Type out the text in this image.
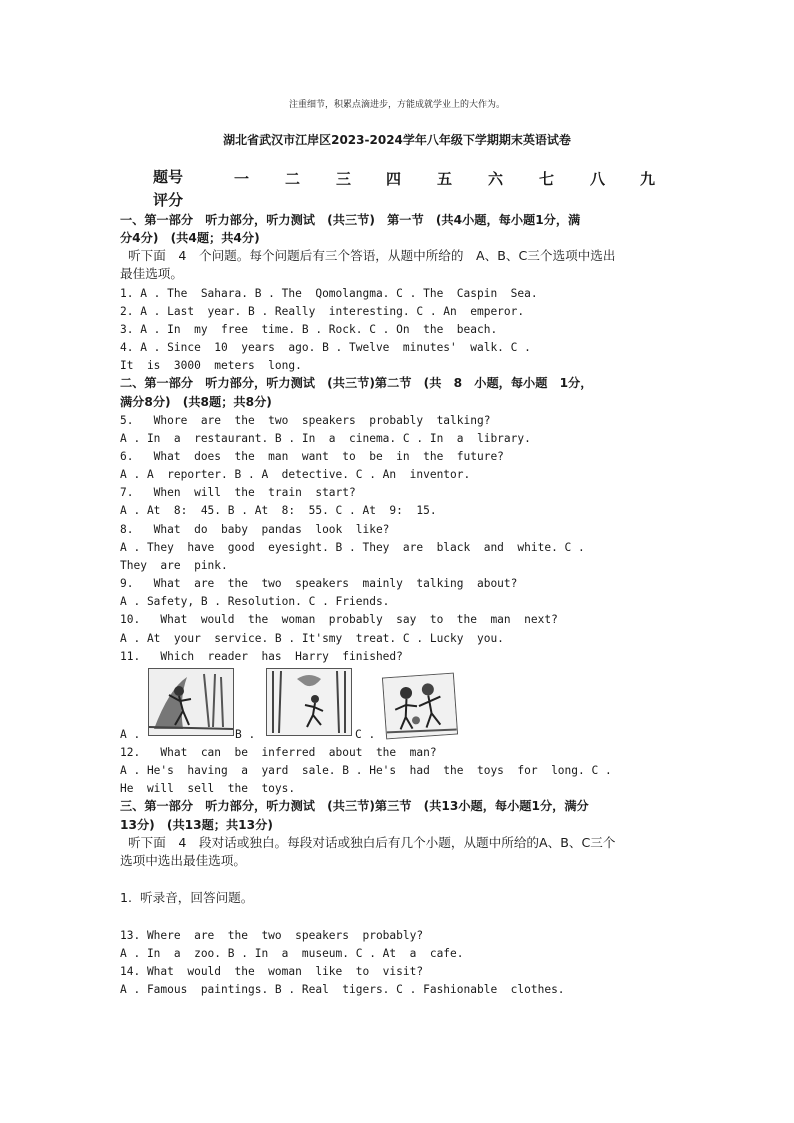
注重细节，积累点滴进步，方能成就学业上的大作为。
湖北省武汉市江岸区2023-2024学年八年级下学期期末英语试卷
题号
评分
一 二 三 四 五 六 七 八 九
一、第一部分　听力部分，听力测试　(共三节)　第一节　(共4小题，每小题1分，满
分4分)　(共4题；共4分)
听下面　4　个问题。每个问题后有三个答语，从题中所给的　A、B、C三个选项中选出
最佳选项。
1. A . The  Sahara. B . The  Qomolangma. C . The  Caspin  Sea.
2. A . Last  year. B . Really  interesting. C . An  emperor.
3. A . In  my  free  time. B . Rock. C . On  the  beach.
4. A . Since  10  years  ago. B . Twelve  minutes'  walk. C .
It  is  3000  meters  long.
二、第一部分　听力部分，听力测试　(共三节)第二节　(共　8　小题，每小题　1分，
满分8分)　(共8题；共8分)
5.   Whore  are  the  two  speakers  probably  talking?
A . In  a  restaurant. B . In  a  cinema. C . In  a  library.
6.   What  does  the  man  want  to  be  in  the  future?
A . A  reporter. B . A  detective. C . An  inventor.
7.   When  will  the  train  start?
A . At  8:  45. B . At  8:  55. C . At  9:  15.
8.   What  do  baby  pandas  look  like?
A . They  have  good  eyesight. B . They  are  black  and  white. C .
They  are  pink.
9.   What  are  the  two  speakers  mainly  talking  about?
A . Safety, B . Resolution. C . Friends.
10.   What  would  the  woman  probably  say  to  the  man  next?
A . At  your  service. B . It'smy  treat. C . Lucky  you.
11.   Which  reader  has  Harry  finished?
A .	B .	C .
12.   What  can  be  inferred  about  the  man?
A . He's  having  a  yard  sale. B . He's  had  the  toys  for  long. C .
He  will  sell  the  toys.
三、第一部分　听力部分，听力测试　(共三节)第三节　(共13小题，每小题1分，满分
13分)　(共13题；共13分)
听下面　4　段对话或独白。每段对话或独白后有几个小题，从题中所给的A、B、C三个
选项中选出最佳选项。
1.  听录音，回答问题。
13. Where  are  the  two  speakers  probably?
A . In  a  zoo. B . In  a  museum. C . At  a  cafe.
14. What  would  the  woman  like  to  visit?
A . Famous  paintings. B . Real  tigers. C . Fashionable  clothes.
